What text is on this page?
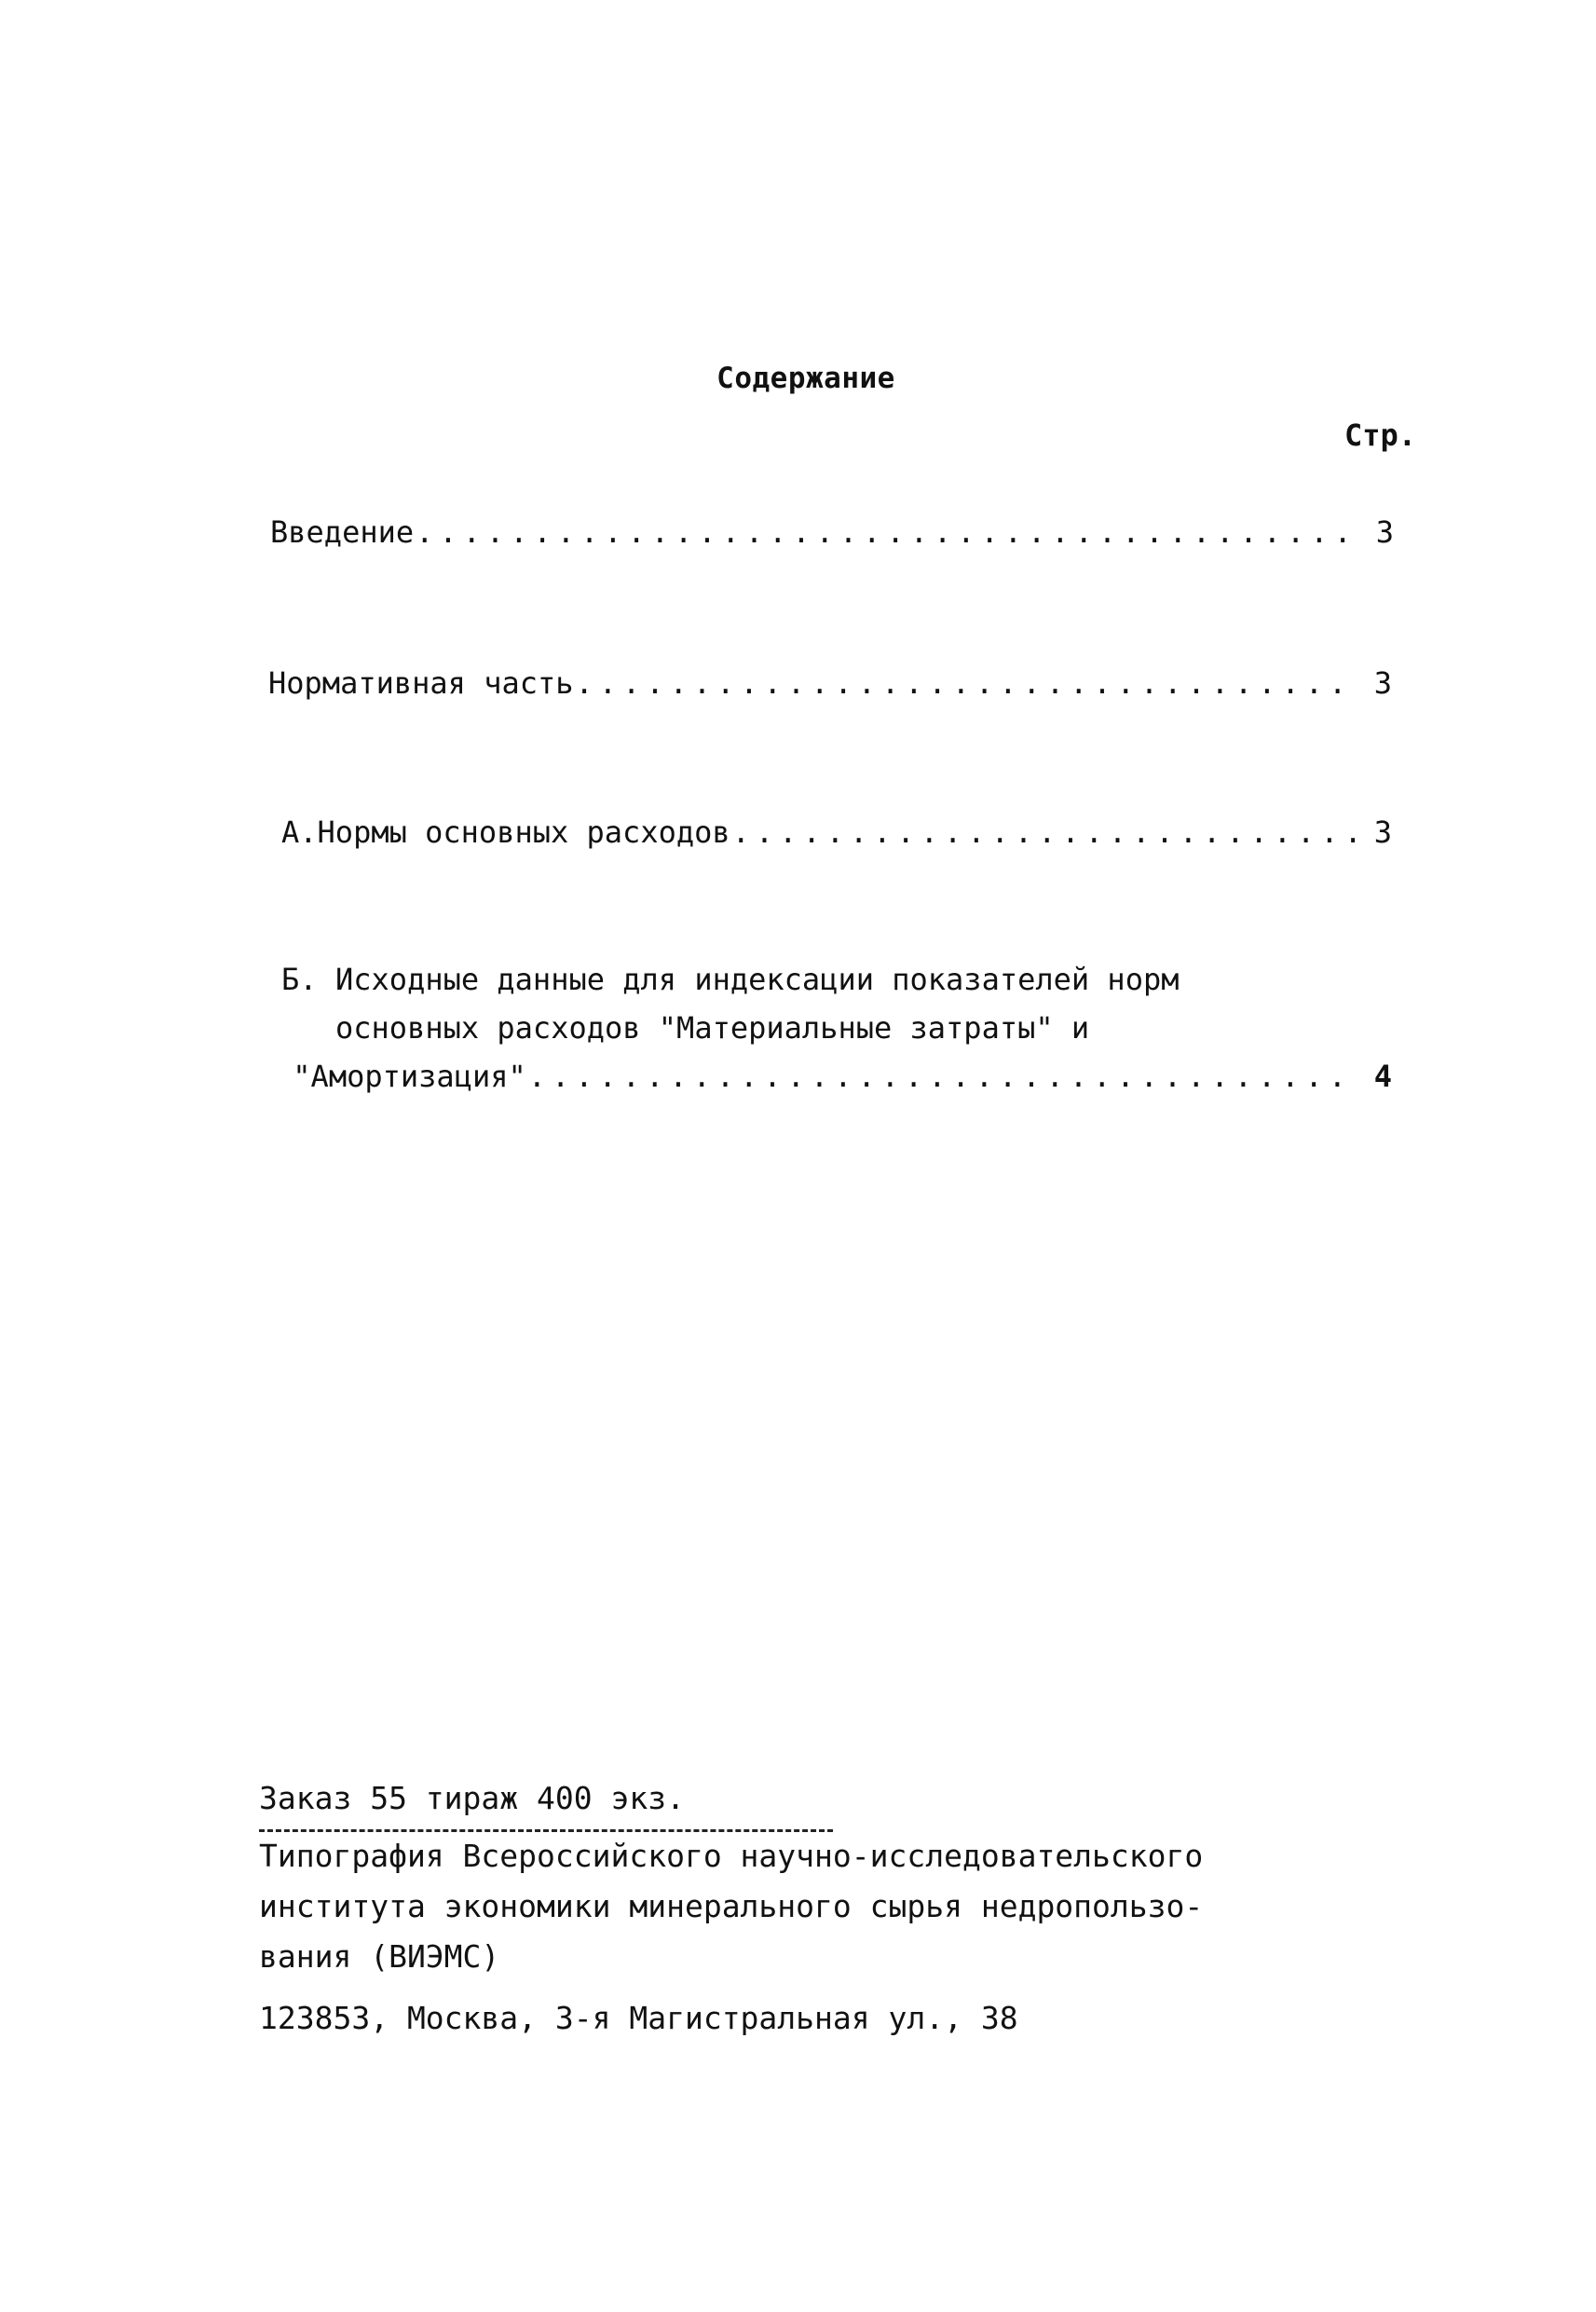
Содержание
Стр.
Введение .....	3
Нормативная часть .....	3
А. Нормы основных расходов .....	3
Б. Исходные данные для индексации показателей норм
основных расходов "Материальные затраты" и
"Амортизация" .....	4
Заказ 55 тираж 400 экз.
Типография Всероссийского научно-исследовательского
института экономики минерального сырья недропользо-
вания (ВИЭМС)
123853, Москва, 3-я Магистральная ул., 38
